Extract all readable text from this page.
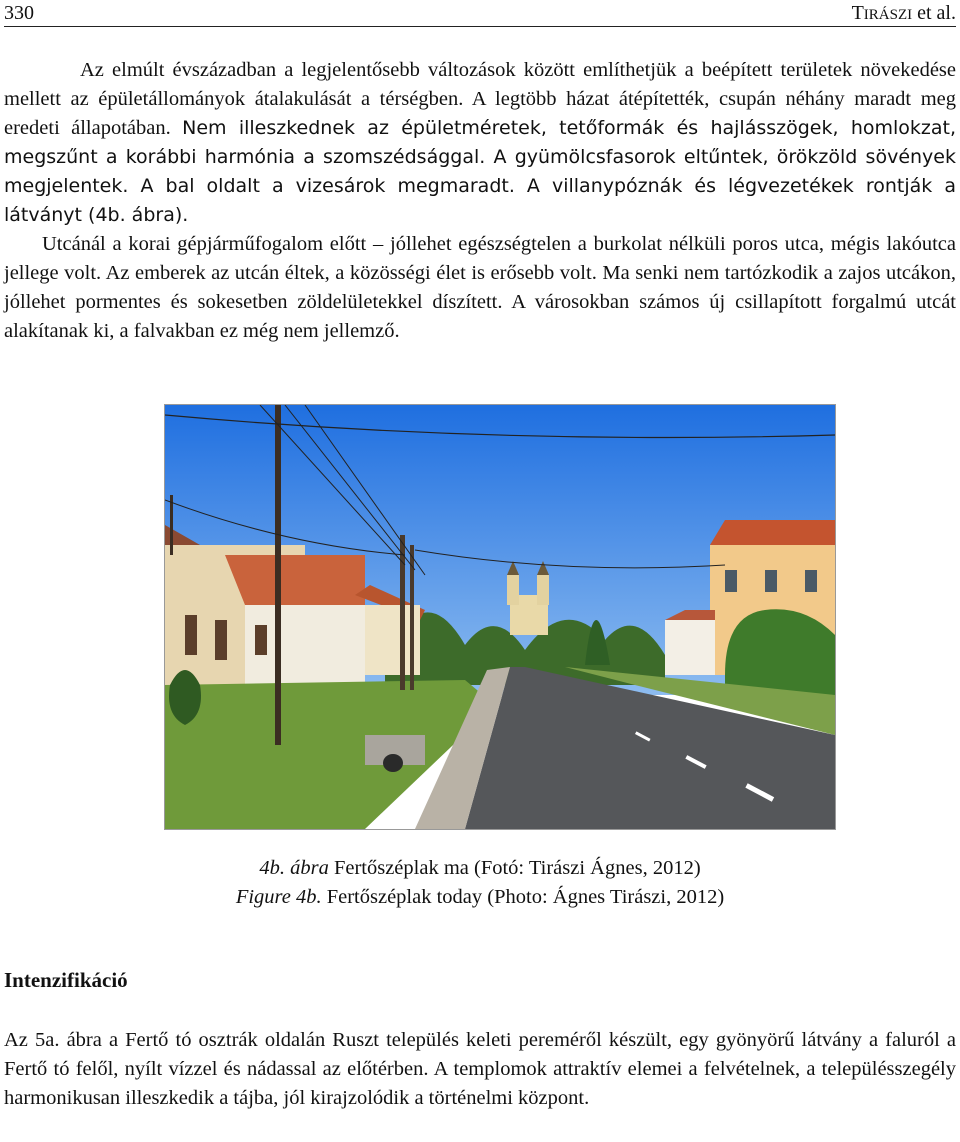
330	TIRÁSZI et al.

Az elmúlt évszázadban a legjelentősebb változások között említhetjük a beépített területek növekedése mellett az épületállományok átalakulását a térségben. A legtöbb házat átépítették, csupán néhány maradt meg eredeti állapotában. Nem illeszkednek az épületméretek, tetőformák és hajlásszögek, homlokzat, megszűnt a korábbi harmónia a szomszédsággal. A gyümölcsfasorok eltűntek, örökzöld sövények megjelentek. A bal oldalt a vizesárok megmaradt. A villanypóznák és légvezetékek rontják a látványt (4b. ábra).

Utcánál a korai gépjárműfogalom előtt – jóllehet egészségtelen a burkolat nélküli poros utca, mégis lakóutca jellege volt. Az emberek az utcán éltek, a közösségi élet is erősebb volt. Ma senki nem tartózkodik a zajos utcákon, jóllehet pormentes és sokesetben zöldelületekkel díszített. A városokban számos új csillapított forgalmú utcát alakítanak ki, a falvakban ez még nem jellemző.

4b. ábra Fertőszéplak ma (Fotó: Tirászi Ágnes, 2012)
Figure 4b. Fertőszéplak today (Photo: Ágnes Tirászi, 2012)
Intenzifikáció

Az 5a. ábra a Fertő tó osztrák oldalán Ruszt település keleti pereméről készült, egy gyönyörű látvány a faluról a Fertő tó felől, nyílt vízzel és nádassal az előtérben. A templomok attraktív elemei a felvételnek, a településszegély harmonikusan illeszkedik a tájba, jól kirajzolódik a történelmi központ.
